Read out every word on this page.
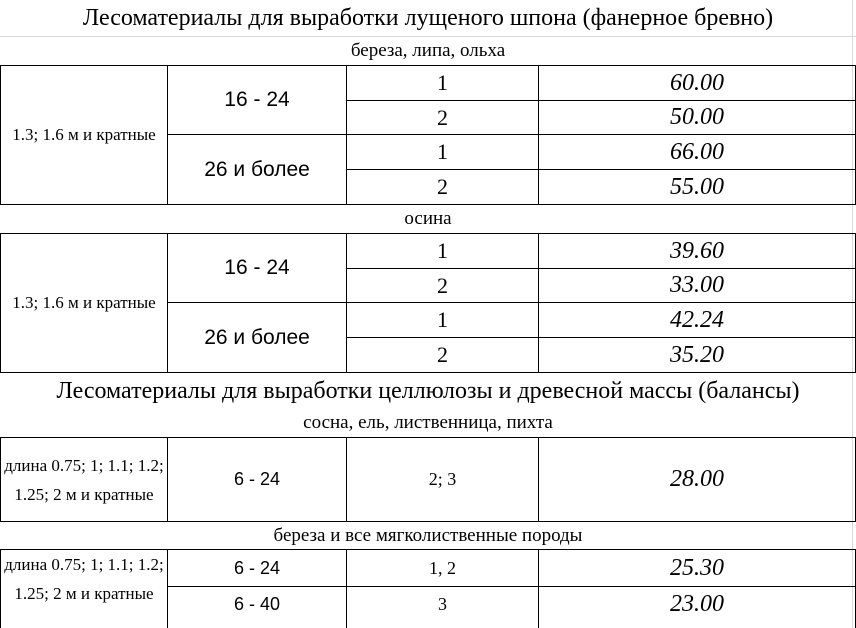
Лесоматериалы для выработки лущеного шпона (фанерное бревно)
береза, липа, ольха
1.3; 1.6 м и кратные
16 - 24
26 и более
1
2
1
2
60.00
50.00
66.00
55.00
осина
1.3; 1.6 м и кратные
16 - 24
26 и более
1
2
1
2
39.60
33.00
42.24
35.20
Лесоматериалы для выработки целлюлозы и древесной массы (балансы)
сосна, ель, лиственница, пихта
длина 0.75; 1; 1.1; 1.2; 1.25; 2 м и кратные
6 - 24	2; 3	28.00
береза и все мягколиственные породы
длина 0.75; 1; 1.1; 1.2; 1.25; 2 м и кратные
6 - 24
6 - 40
1, 2
3
25.30
23.00
